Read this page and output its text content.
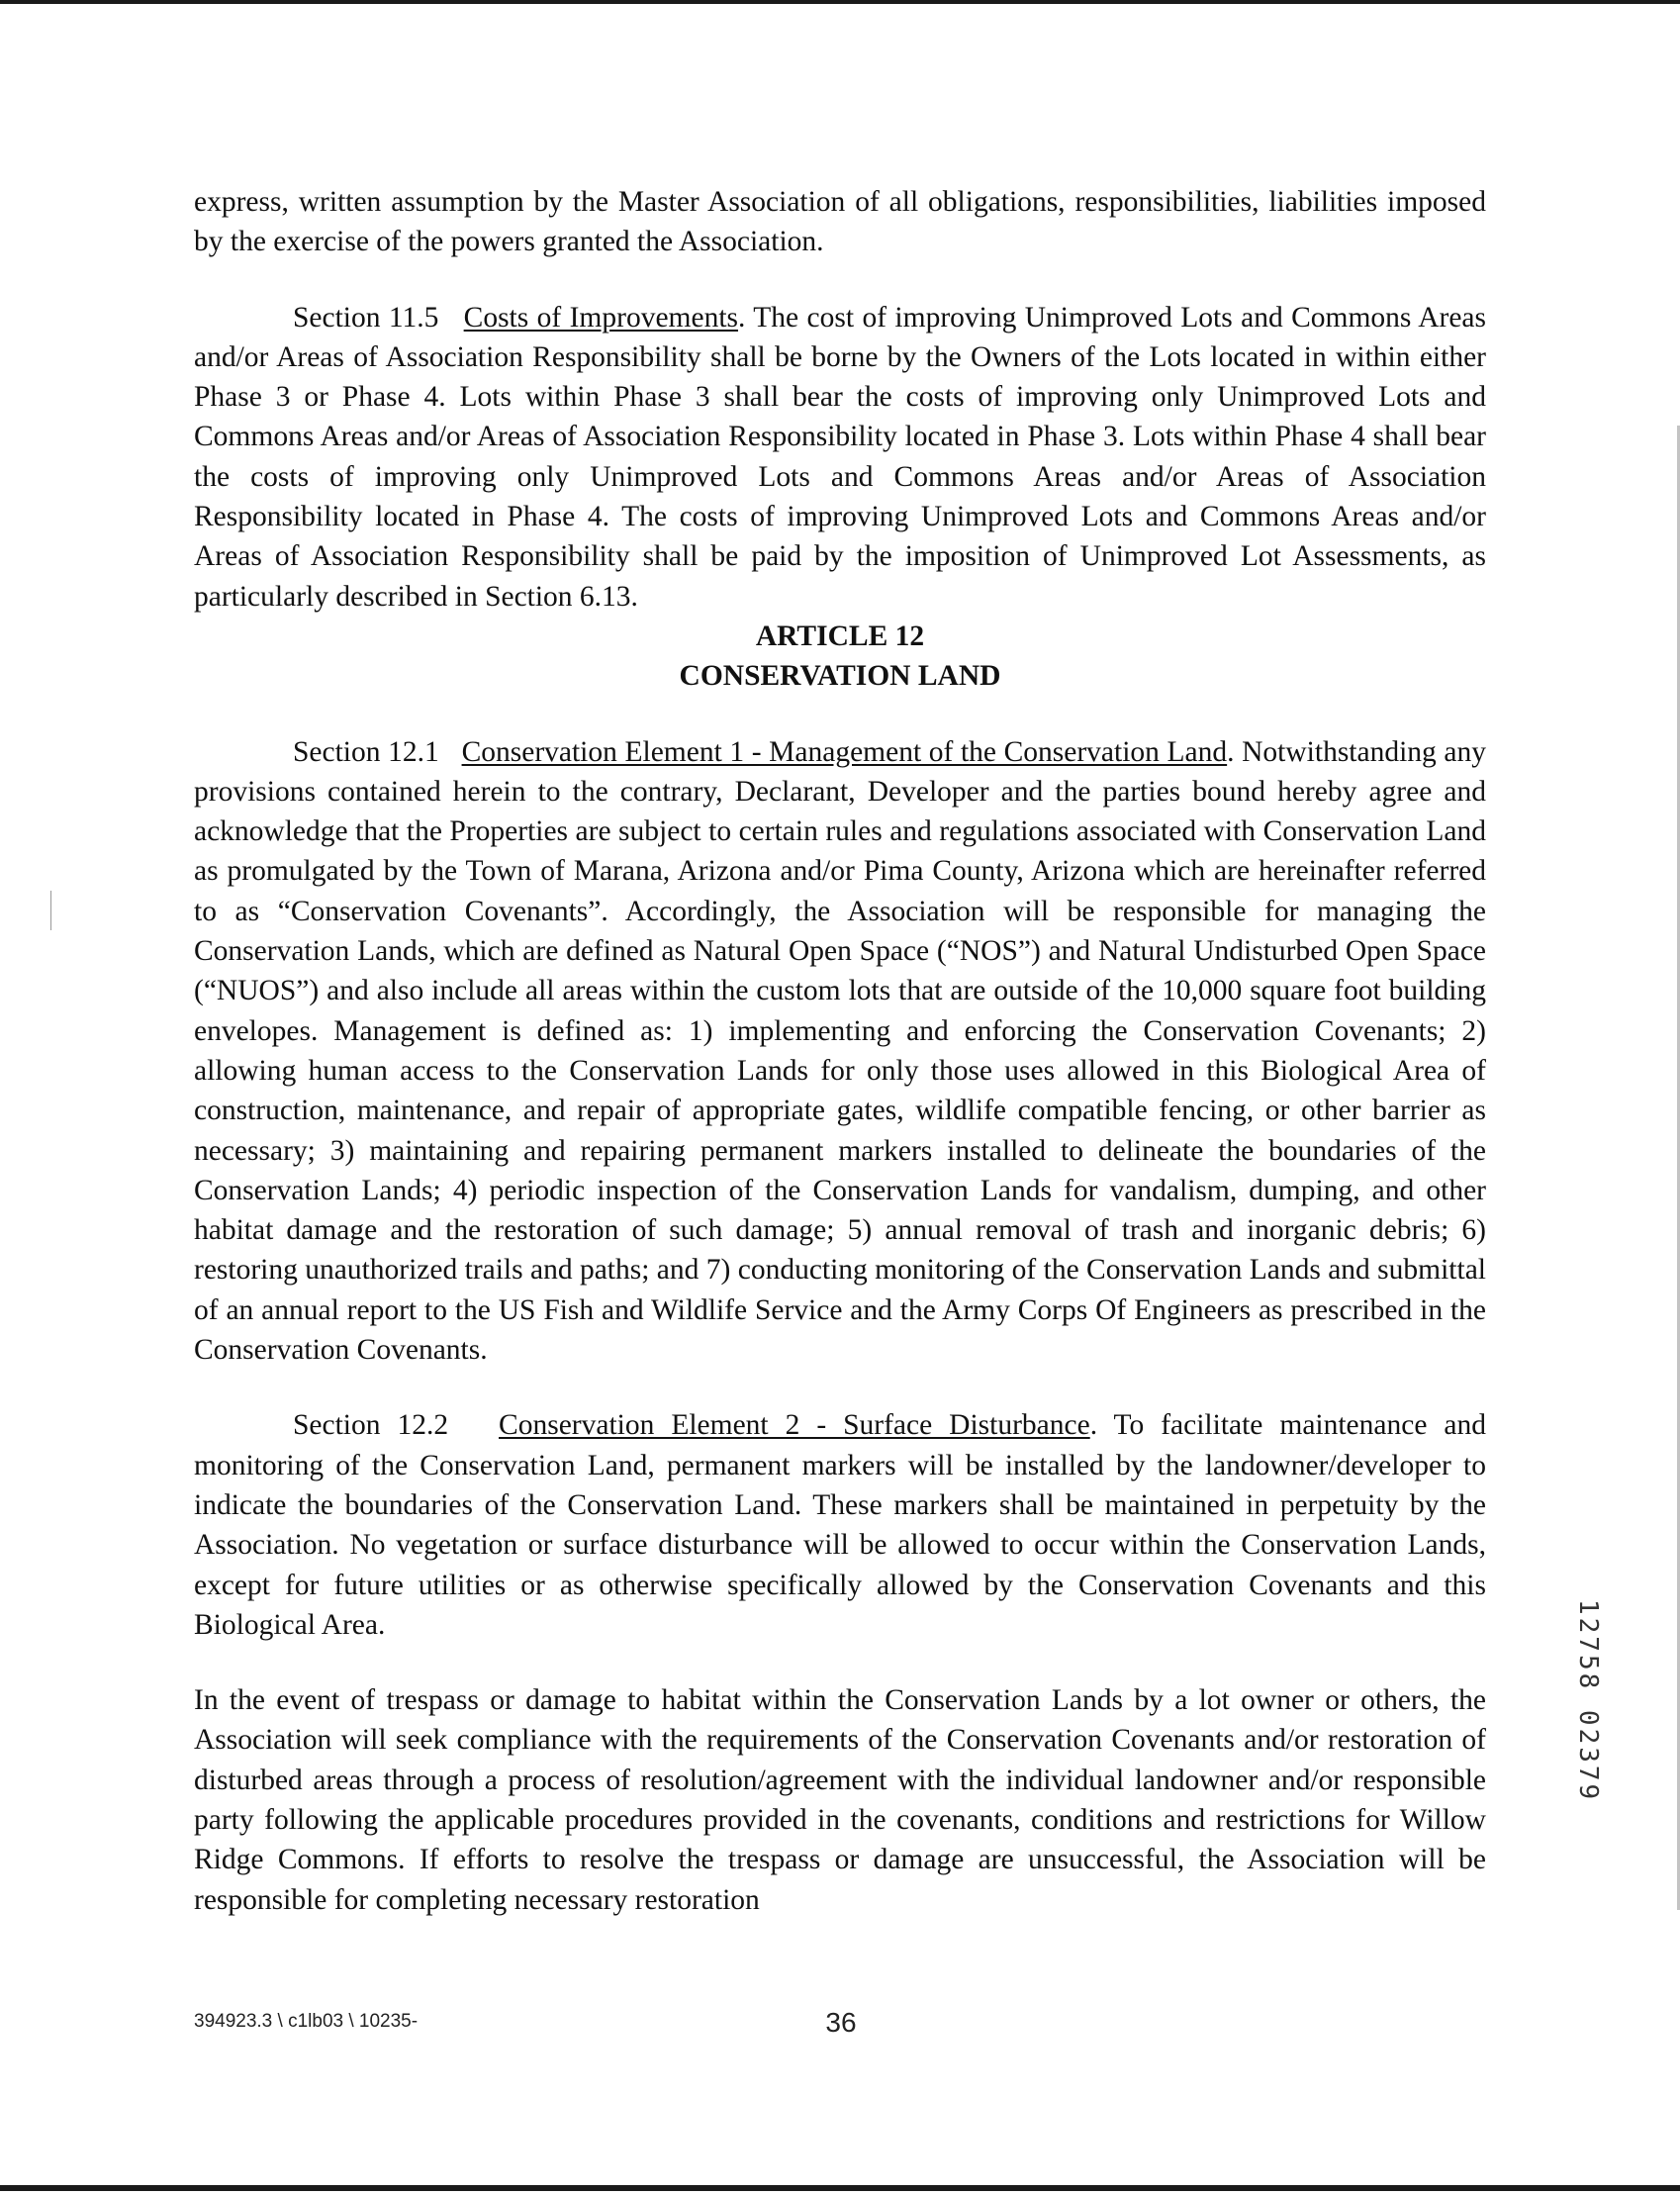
express, written assumption by the Master Association of all obligations, responsibilities, liabilities imposed by the exercise of the powers granted the Association.

Section 11.5 Costs of Improvements. The cost of improving Unimproved Lots and Commons Areas and/or Areas of Association Responsibility shall be borne by the Owners of the Lots located in within either Phase 3 or Phase 4. Lots within Phase 3 shall bear the costs of improving only Unimproved Lots and Commons Areas and/or Areas of Association Responsibility located in Phase 3. Lots within Phase 4 shall bear the costs of improving only Unimproved Lots and Commons Areas and/or Areas of Association Responsibility located in Phase 4. The costs of improving Unimproved Lots and Commons Areas and/or Areas of Association Responsibility shall be paid by the imposition of Unimproved Lot Assessments, as particularly described in Section 6.13.

ARTICLE 12

CONSERVATION LAND

Section 12.1 Conservation Element 1 - Management of the Conservation Land. Notwithstanding any provisions contained herein to the contrary, Declarant, Developer and the parties bound hereby agree and acknowledge that the Properties are subject to certain rules and regulations associated with Conservation Land as promulgated by the Town of Marana, Arizona and/or Pima County, Arizona which are hereinafter referred to as “Conservation Covenants”. Accordingly, the Association will be responsible for managing the Conservation Lands, which are defined as Natural Open Space (“NOS”) and Natural Undisturbed Open Space (“NUOS”) and also include all areas within the custom lots that are outside of the 10,000 square foot building envelopes. Management is defined as: 1) implementing and enforcing the Conservation Covenants; 2) allowing human access to the Conservation Lands for only those uses allowed in this Biological Area of construction, maintenance, and repair of appropriate gates, wildlife compatible fencing, or other barrier as necessary; 3) maintaining and repairing permanent markers installed to delineate the boundaries of the Conservation Lands; 4) periodic inspection of the Conservation Lands for vandalism, dumping, and other habitat damage and the restoration of such damage; 5) annual removal of trash and inorganic debris; 6) restoring unauthorized trails and paths; and 7) conducting monitoring of the Conservation Lands and submittal of an annual report to the US Fish and Wildlife Service and the Army Corps Of Engineers as prescribed in the Conservation Covenants.

Section 12.2 Conservation Element 2 - Surface Disturbance. To facilitate maintenance and monitoring of the Conservation Land, permanent markers will be installed by the landowner/developer to indicate the boundaries of the Conservation Land. These markers shall be maintained in perpetuity by the Association. No vegetation or surface disturbance will be allowed to occur within the Conservation Lands, except for future utilities or as otherwise specifically allowed by the Conservation Covenants and this Biological Area.

In the event of trespass or damage to habitat within the Conservation Lands by a lot owner or others, the Association will seek compliance with the requirements of the Conservation Covenants and/or restoration of disturbed areas through a process of resolution/agreement with the individual landowner and/or responsible party following the applicable procedures provided in the covenants, conditions and restrictions for Willow Ridge Commons. If efforts to resolve the trespass or damage are unsuccessful, the Association will be responsible for completing necessary restoration

394923.3 \ c1lb03 \ 10235-	36
12758 02379
